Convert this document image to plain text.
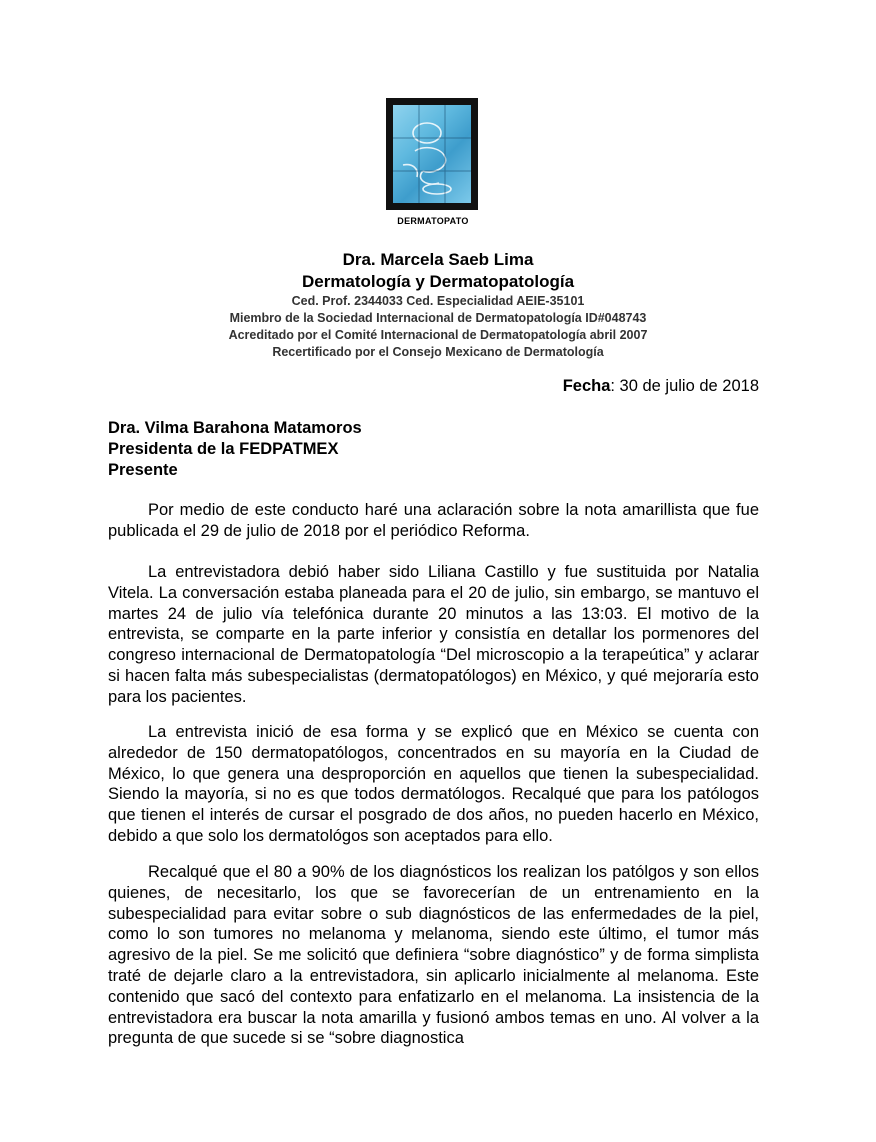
DERMATOPATO
Dra. Marcela Saeb Lima
Dermatología y Dermatopatología
Ced. Prof. 2344033 Ced. Especialidad AEIE-35101
Miembro de la Sociedad Internacional de Dermatopatología ID#048743
Acreditado por el Comité Internacional de Dermatopatología abril 2007
Recertificado por el Consejo Mexicano de Dermatología
Fecha: 30 de julio de 2018
Dra. Vilma Barahona Matamoros
Presidenta de la FEDPATMEX
Presente
Por medio de este conducto haré una aclaración sobre la nota amarillista que fue publicada el 29 de julio de 2018 por el periódico Reforma.
La entrevistadora debió haber sido Liliana Castillo y fue sustituida por Natalia Vitela. La conversación estaba planeada para el 20 de julio, sin embargo, se mantuvo el martes 24 de julio vía telefónica durante 20 minutos a las 13:03. El motivo de la entrevista, se comparte en la parte inferior y consistía en detallar los pormenores del congreso internacional de Dermatopatología “Del microscopio a la terapeútica” y aclarar si hacen falta más subespecialistas (dermatopatólogos) en México, y qué mejoraría esto para los pacientes.
La entrevista inició de esa forma y se explicó que en México se cuenta con alrededor de 150 dermatopatólogos, concentrados en su mayoría en la Ciudad de México, lo que genera una desproporción en aquellos que tienen la subespecialidad. Siendo la mayoría, si no es que todos dermatólogos. Recalqué que para los patólogos que tienen el interés de cursar el posgrado de dos años, no pueden hacerlo en México, debido a que solo los dermatológos son aceptados para ello.
Recalqué que el 80 a 90% de los diagnósticos los realizan los patólgos y son ellos quienes, de necesitarlo, los que se favorecerían de un entrenamiento en la subespecialidad para evitar sobre o sub diagnósticos de las enfermedades de la piel, como lo son tumores no melanoma y melanoma, siendo este último, el tumor más agresivo de la piel. Se me solicitó que definiera “sobre diagnóstico” y de forma simplista traté de dejarle claro a la entrevistadora, sin aplicarlo inicialmente al melanoma. Este contenido que sacó del contexto para enfatizarlo en el melanoma. La insistencia de la entrevistadora era buscar la nota amarilla y fusionó ambos temas en uno. Al volver a la pregunta de que sucede si se “sobre diagnostica
